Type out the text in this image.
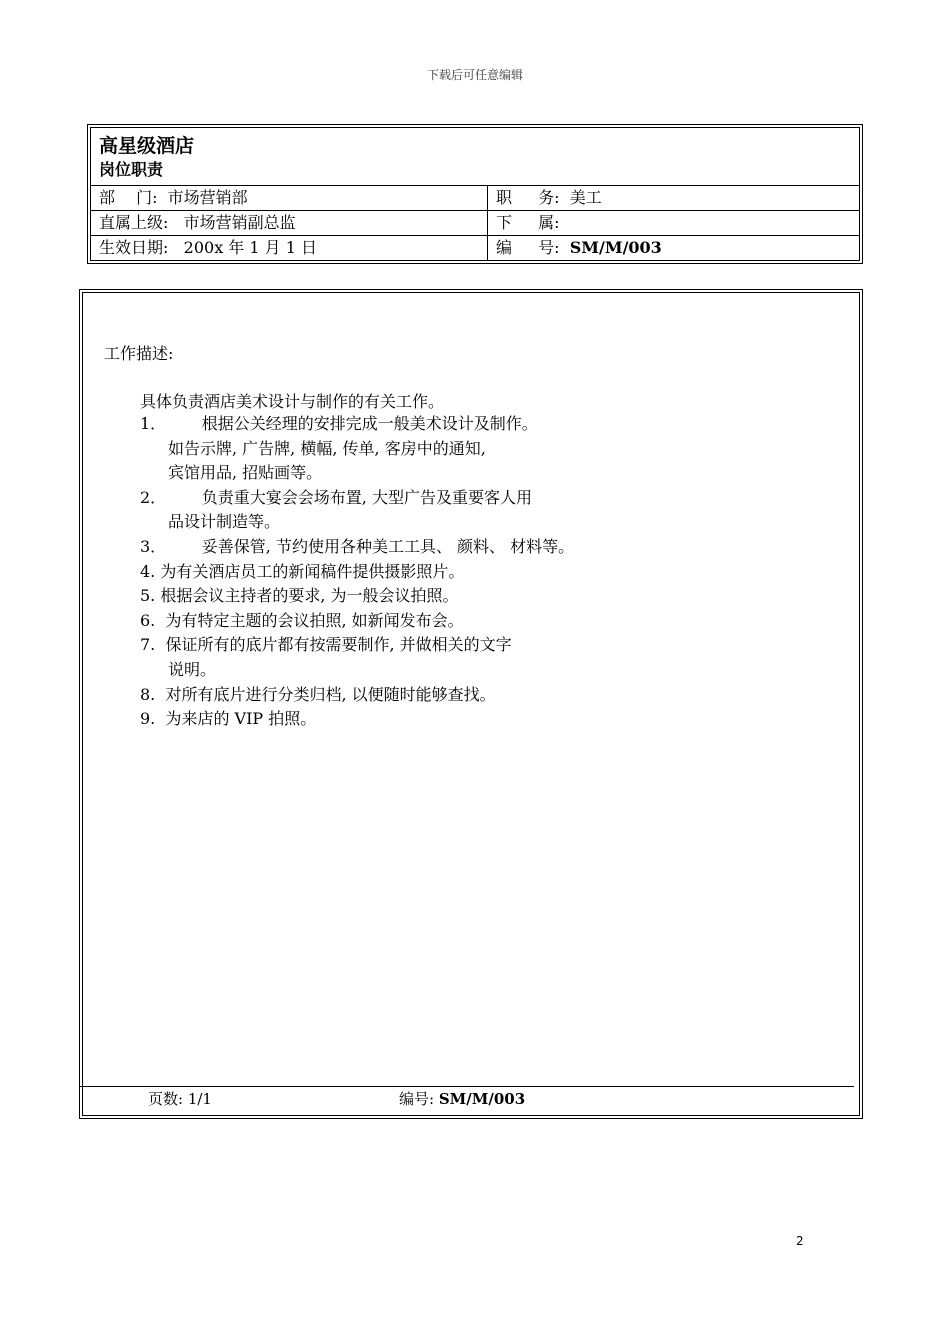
下载后可任意编辑
高星级酒店
岗位职责
部　 门:  市场营销部	职　  务:  美工
直属上级:   市场营销副总监	下　  属:
生效日期:   200x 年 1 月 1 日	编　  号:  SM/M/003
工作描述:
具体负责酒店美术设计与制作的有关工作。
1．       根据公关经理的安排完成一般美术设计及制作。
如告示牌, 广告牌, 横幅, 传单, 客房中的通知,
宾馆用品, 招贴画等。
2．       负责重大宴会会场布置, 大型广告及重要客人用
品设计制造等。
3．       妥善保管, 节约使用各种美工工具、 颜料、 材料等。
4. 为有关酒店员工的新闻稿件提供摄影照片。
5. 根据会议主持者的要求, 为一般会议拍照。
6.  为有特定主题的会议拍照, 如新闻发布会。
7.  保证所有的底片都有按需要制作, 并做相关的文字
说明。
8.  对所有底片进行分类归档, 以便随时能够查找。
9.  为来店的 VIP 拍照。
页数: 1/1	编号: SM/M/003
2
